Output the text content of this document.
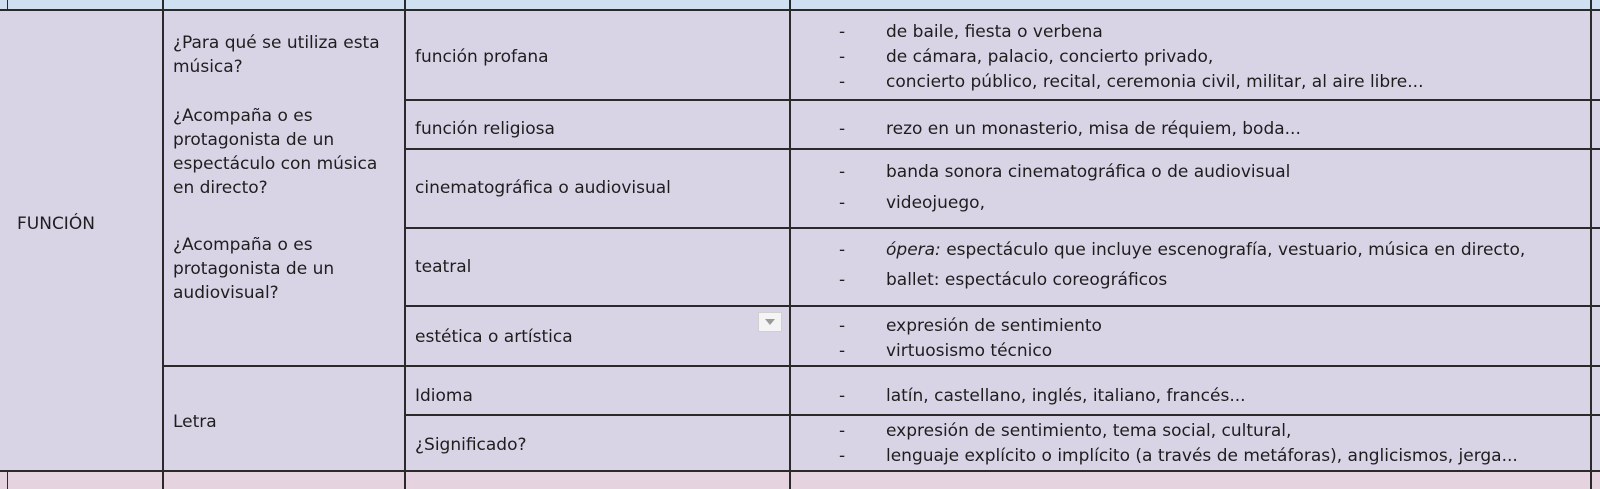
FUNCIÓN
¿Para qué se utiliza esta
música?
¿Acompaña o es
protagonista de un
espectáculo con música
en directo?
¿Acompaña o es
protagonista de un
audiovisual?
Letra
función profana
función religiosa
cinematográfica o audiovisual
teatral
estética o artística
Idioma
¿Significado?
- de baile, fiesta o verbena
- de cámara, palacio, concierto privado,
- concierto público, recital, ceremonia civil, militar, al aire libre...
- rezo en un monasterio, misa de réquiem, boda...
- banda sonora cinematográfica o de audiovisual
- videojuego,
- ópera: espectáculo que incluye escenografía, vestuario, música en directo,
- ballet: espectáculo coreográficos
- expresión de sentimiento
- virtuosismo técnico
- latín, castellano, inglés, italiano, francés...
- expresión de sentimiento, tema social, cultural,
- lenguaje explícito o implícito (a través de metáforas), anglicismos, jerga...
